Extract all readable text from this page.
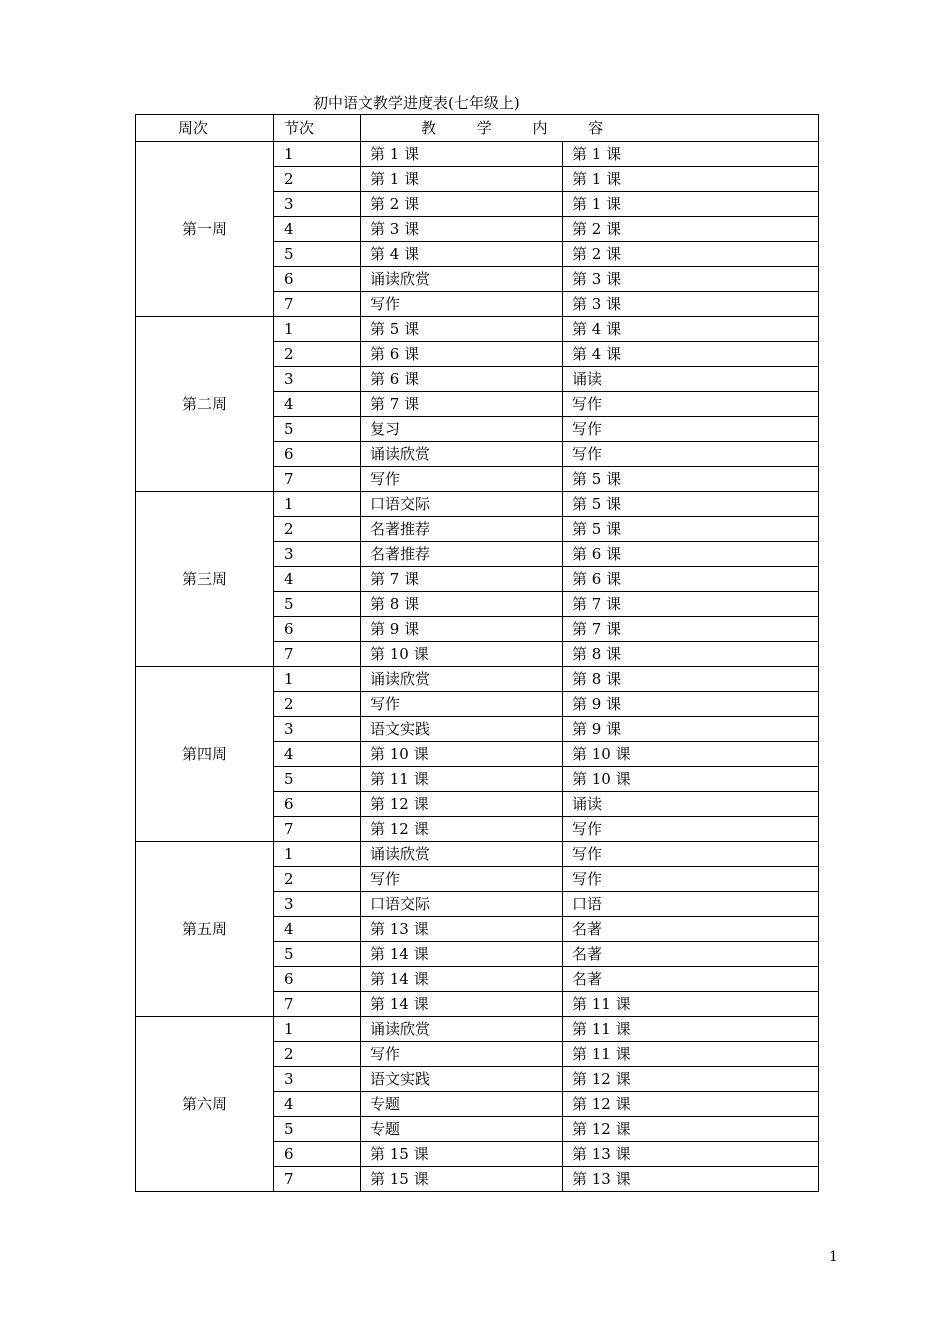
初中语文教学进度表(七年级上)
周次	节次	教 学 内 容	
第一周	1	第 1 课	第 1 课
	2	第 1 课	第 1 课
	3	第 2 课	第 1 课
	4	第 3 课	第 2 课
	5	第 4 课	第 2 课
	6	诵读欣赏	第 3 课
	7	写作	第 3 课
第二周	1	第 5 课	第 4 课
	2	第 6 课	第 4 课
	3	第 6 课	诵读
	4	第 7 课	写作
	5	复习	写作
	6	诵读欣赏	写作
	7	写作	第 5 课
第三周	1	口语交际	第 5 课
	2	名著推荐	第 5 课
	3	名著推荐	第 6 课
	4	第 7 课	第 6 课
	5	第 8 课	第 7 课
	6	第 9 课	第 7 课
	7	第 10 课	第 8 课
第四周	1	诵读欣赏	第 8 课
	2	写作	第 9 课
	3	语文实践	第 9 课
	4	第 10 课	第 10 课
	5	第 11 课	第 10 课
	6	第 12 课	诵读
	7	第 12 课	写作
第五周	1	诵读欣赏	写作
	2	写作	写作
	3	口语交际	口语
	4	第 13 课	名著
	5	第 14 课	名著
	6	第 14 课	名著
	7	第 14 课	第 11 课
第六周	1	诵读欣赏	第 11 课
	2	写作	第 11 课
	3	语文实践	第 12 课
	4	专题	第 12 课
	5	专题	第 12 课
	6	第 15 课	第 13 课
	7	第 15 课	第 13 课
1
